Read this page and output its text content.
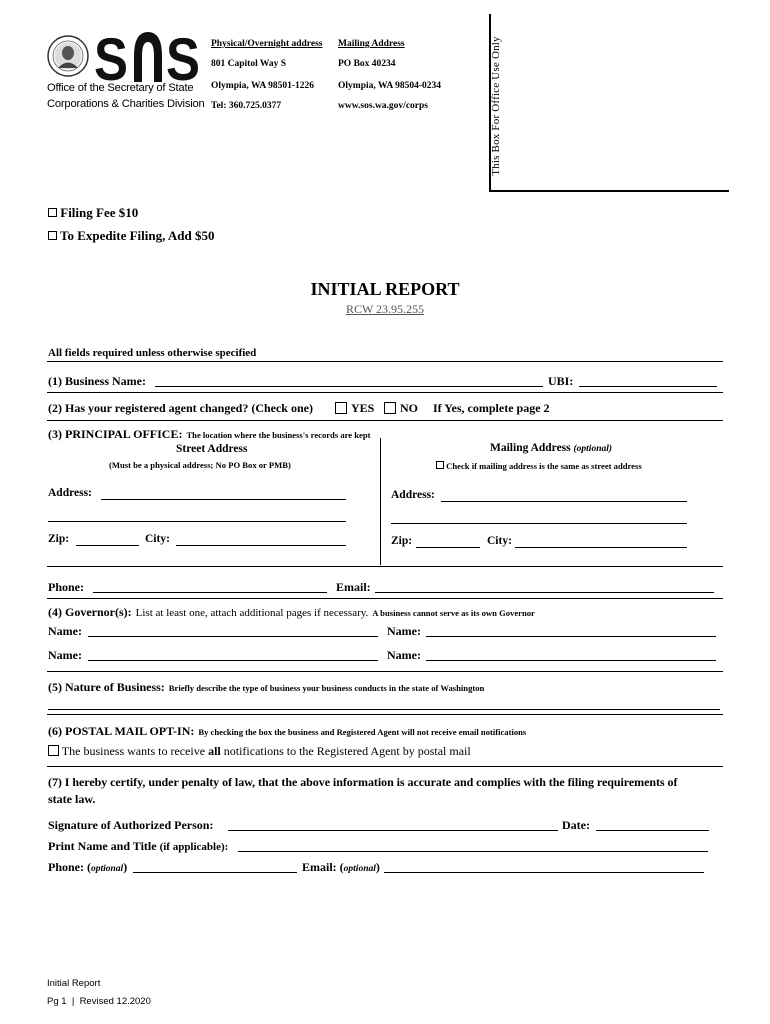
S S
Office of the Secretary of State
Corporations & Charities Division
Physical/Overnight address
801 Capitol Way S
Olympia, WA 98501-1226
Tel: 360.725.0377
Mailing Address
PO Box 40234
Olympia, WA 98504-0234
www.sos.wa.gov/corps	This Box For Office Use Only
Filing Fee $10
To Expedite Filing, Add $50
INITIAL REPORT
RCW 23.95.255
All fields required unless otherwise specified
(1) Business Name:	UBI:
(2) Has your registered agent changed? (Check one)	YES NO If Yes, complete page 2
(3) PRINCIPAL OFFICE: The location where the business's records are kept
Street Address
(Must be a physical address; No PO Box or PMB)
Mailing Address (optional)
Check if mailing address is the same as street address
Address:
Zip:	City:
Address:
Zip:	City:
Phone:	Email:
(4) Governor(s): List at least one, attach additional pages if necessary. A business cannot serve as its own Governor
Name:	Name:
Name:	Name:
(5) Nature of Business: Briefly describe the type of business your business conducts in the state of Washington
(6) POSTAL MAIL OPT-IN: By checking the box the business and Registered Agent will not receive email notifications
The business wants to receive all notifications to the Registered Agent by postal mail
(7) I hereby certify, under penalty of law, that the above information is accurate and complies with the filing requirements of
state law.
Signature of Authorized Person:	Date:
Print Name and Title (if applicable):
Phone: (optional)	Email: (optional)
Initial Report
Pg 1  |  Revised 12.2020
